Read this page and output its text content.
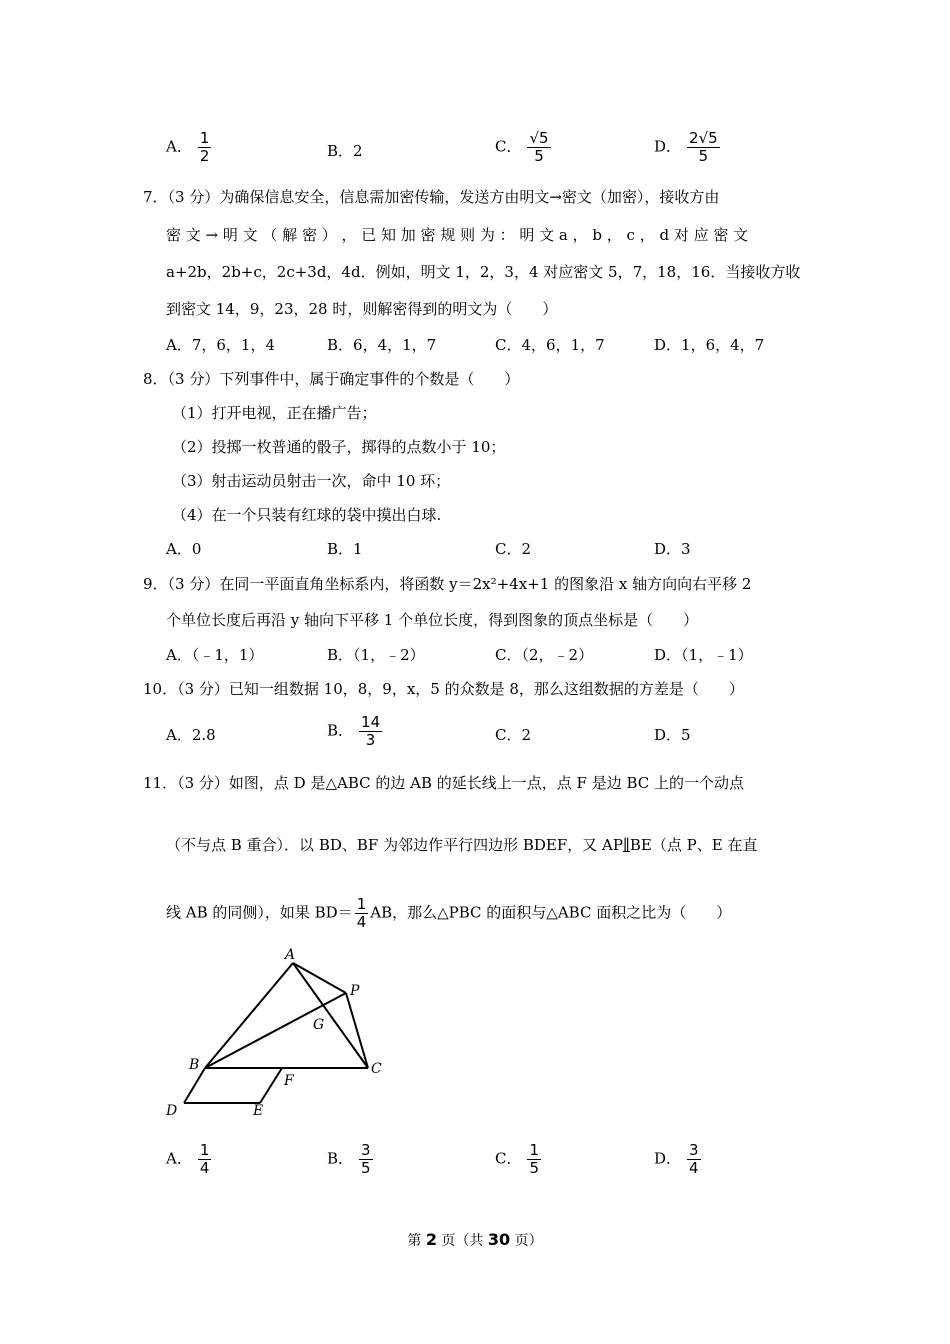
A． $\frac{1}{2}$	B．2	C． $\frac{√5}{5}$	D． $\frac{2√5}{5}$
7．（3 分）为确保信息安全，信息需加密传输，发送方由明文→密文（加密），接收方由
密 文 → 明 文 （ 解 密 ） ， 已 知 加 密 规 则 为 ： 明 文 a ， b ， c ， d 对 应 密 文
a+2b，2b+c，2c+3d，4d．例如，明文 1，2，3，4 对应密文 5，7，18，16．当接收方收
到密文 14，9，23，28 时，则解密得到的明文为（　　）
A．7，6，1，4	B．6，4，1，7	C．4，6，1，7	D．1，6，4，7
8．（3 分）下列事件中，属于确定事件的个数是（　　）
（1）打开电视，正在播广告；
（2）投掷一枚普通的骰子，掷得的点数小于 10；
（3）射击运动员射击一次，命中 10 环；
（4）在一个只装有红球的袋中摸出白球.
A．0	B．1	C．2	D．3
9．（3 分）在同一平面直角坐标系内，将函数 y＝2x²+4x+1 的图象沿 x 轴方向向右平移 2
个单位长度后再沿 y 轴向下平移 1 个单位长度，得到图象的顶点坐标是（　　）
A．（﹣1，1）	B．（1，﹣2）	C．（2，﹣2）	D．（1，﹣1）
10．（3 分）已知一组数据 10，8，9，x，5 的众数是 8，那么这组数据的方差是（　　）
A．2.8	B． $\frac{14}{3}$	C．2	D．5
11．（3 分）如图，点 D 是△ABC 的边 AB 的延长线上一点，点 F 是边 BC 上的一个动点
（不与点 B 重合）．以 BD、BF 为邻边作平行四边形 BDEF，又 AP∥BE（点 P、E 在直
线 AB 的同侧），如果 $BD= \frac{1}{4}$ AB，那么△PBC 的面积与△ABC 面积之比为（　　）
A
P
G
B	C
F
D	E
A． $\frac{1}{4}$	B． $\frac{3}{5}$	C． $\frac{1}{5}$	D． $\frac{3}{4}$
第 2 页（共 30 页）
